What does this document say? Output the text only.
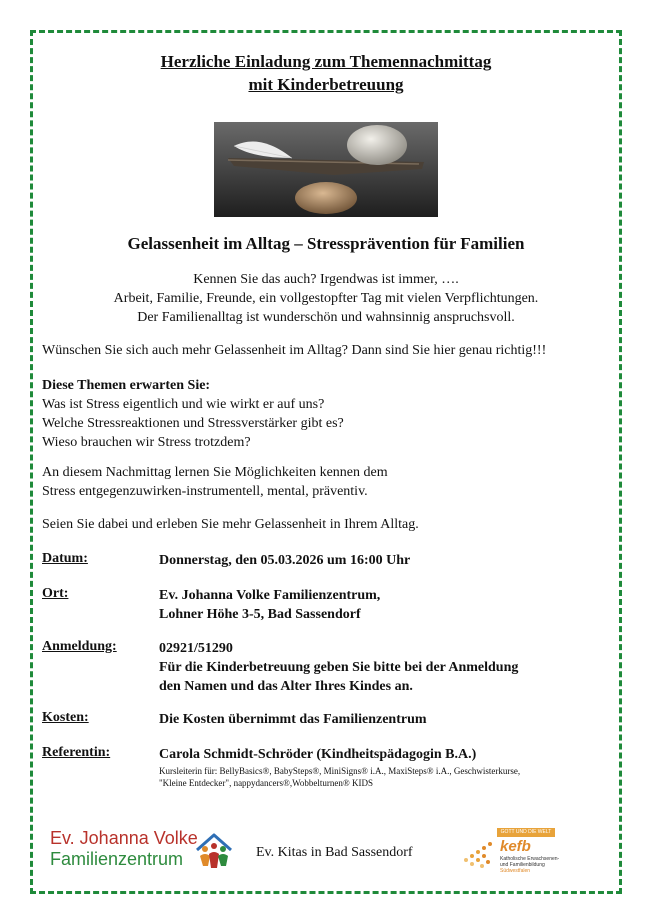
Herzliche Einladung zum Themennachmittag
mit Kinderbetreuung
Gelassenheit im Alltag – Stressprävention für Familien
Kennen Sie das auch? Irgendwas ist immer, ….
Arbeit, Familie, Freunde, ein vollgestopfter Tag mit vielen Verpflichtungen.
Der Familienalltag ist wunderschön und wahnsinnig anspruchsvoll.
Wünschen Sie sich auch mehr Gelassenheit im Alltag? Dann sind Sie hier genau richtig!!!
Diese Themen erwarten Sie:
Was ist Stress eigentlich und wie wirkt er auf uns?
Welche Stressreaktionen und Stressverstärker gibt es?
Wieso brauchen wir Stress trotzdem?
An diesem Nachmittag lernen Sie Möglichkeiten kennen dem
Stress entgegenzuwirken-instrumentell, mental, präventiv.
Seien Sie dabei und erleben Sie mehr Gelassenheit in Ihrem Alltag.
Datum:	Donnerstag, den 05.03.2026 um 16:00 Uhr
Ort:	Ev. Johanna Volke Familienzentrum,
Lohner Höhe 3-5, Bad Sassendorf
Anmeldung:	02921/51290
Für die Kinderbetreuung geben Sie bitte bei der Anmeldung
den Namen und das Alter Ihres Kindes an.
Kosten:	Die Kosten übernimmt das Familienzentrum
Referentin:	Carola Schmidt-Schröder (Kindheitspädagogin B.A.)
Kursleiterin für: BellyBasics®, BabySteps®, MiniSigns® i.A., MaxiSteps® i.A., Geschwisterkurse,
"Kleine Entdecker", nappydancers®,Wobbelturnen® KIDS
Ev. Johanna Volke
Familienzentrum	Ev. Kitas in Bad Sassendorf
GOTT UND DIE WELT
kefb
Katholische Erwachsenen-
und Familienbildung
Südwestfalen
